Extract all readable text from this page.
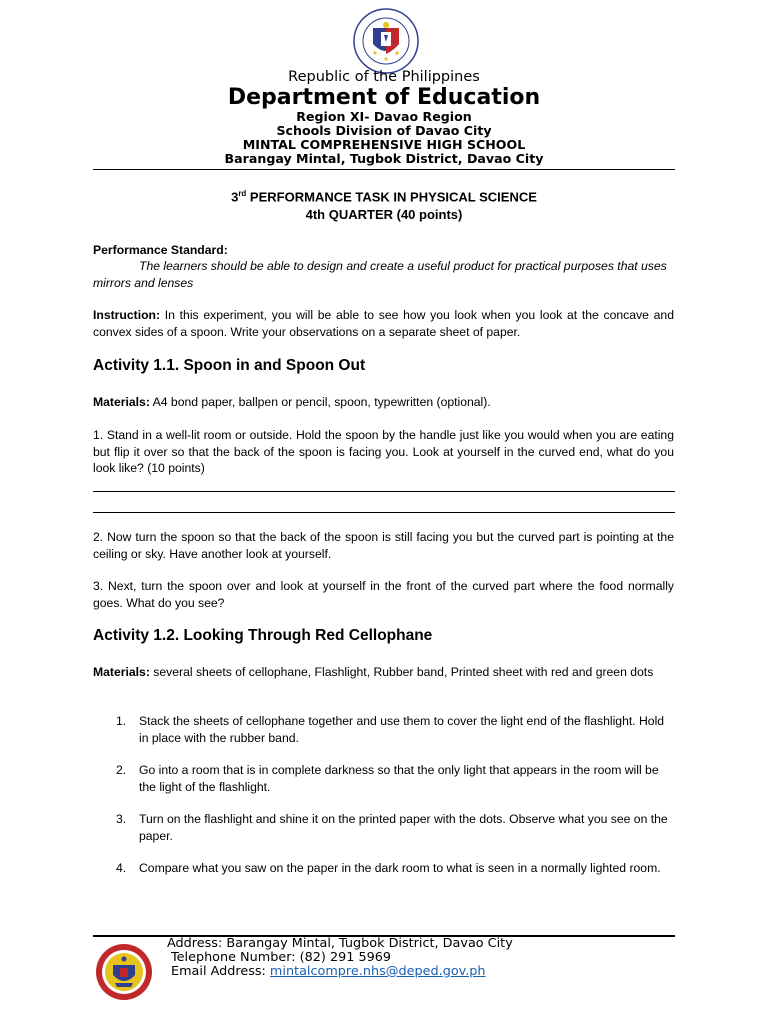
Republic of the Philippines
Department of Education
Region XI- Davao Region
Schools Division of Davao City
MINTAL COMPREHENSIVE HIGH SCHOOL
Barangay Mintal, Tugbok District, Davao City
3rd PERFORMANCE TASK IN PHYSICAL SCIENCE
4th QUARTER (40 points)
Performance Standard:
The learners should be able to design and create a useful product for practical purposes that uses mirrors and lenses
Instruction: In this experiment, you will be able to see how you look when you look at the concave and convex sides of a spoon. Write your observations on a separate sheet of paper.
Activity 1.1. Spoon in and Spoon Out
Materials: A4 bond paper, ballpen or pencil, spoon, typewritten (optional).
1. Stand in a well-lit room or outside. Hold the spoon by the handle just like you would when you are eating but flip it over so that the back of the spoon is facing you. Look at yourself in the curved end, what do you look like? (10 points)
2. Now turn the spoon so that the back of the spoon is still facing you but the curved part is pointing at the ceiling or sky. Have another look at yourself.
3. Next, turn the spoon over and look at yourself in the front of the curved part where the food normally goes. What do you see?
Activity 1.2. Looking Through Red Cellophane
Materials: several sheets of cellophane, Flashlight, Rubber band, Printed sheet with red and green dots
1. Stack the sheets of cellophane together and use them to cover the light end of the flashlight. Hold in place with the rubber band.
2. Go into a room that is in complete darkness so that the only light that appears in the room will be the light of the flashlight.
3. Turn on the flashlight and shine it on the printed paper with the dots. Observe what you see on the paper.
4. Compare what you saw on the paper in the dark room to what is seen in a normally lighted room.
Address: Barangay Mintal, Tugbok District, Davao City
Telephone Number: (82) 291 5969
Email Address: mintalcompre.nhs@deped.gov.ph
